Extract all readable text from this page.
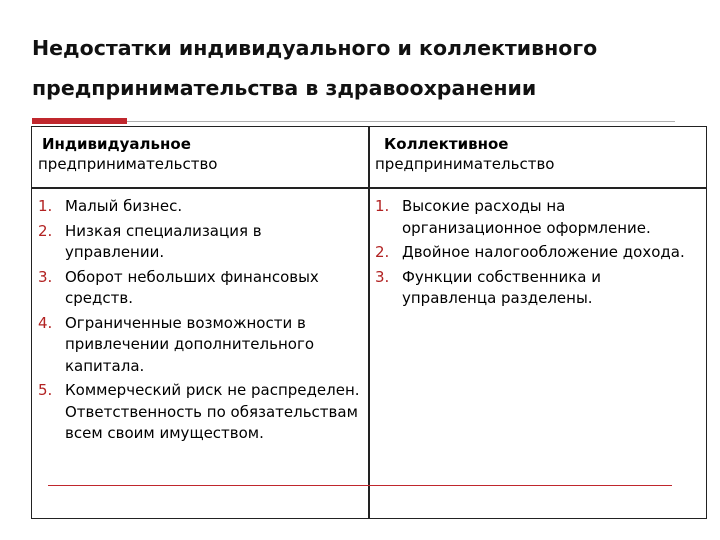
Недостатки индивидуального и коллективного
предпринимательства в здравоохранении
Индивидуальное
предпринимательство
Коллективное
предпринимательство
1. Малый бизнес.
2. Низкая специализация в управлении.
3. Оборот небольших финансовых средств.
4. Ограниченные возможности в привлечении дополнительного капитала.
5. Коммерческий риск не распределен. Ответственность по обязательствам всем своим имуществом.
1. Высокие расходы на организационное оформление.
2. Двойное налогообложение дохода.
3. Функции собственника и управленца разделены.
